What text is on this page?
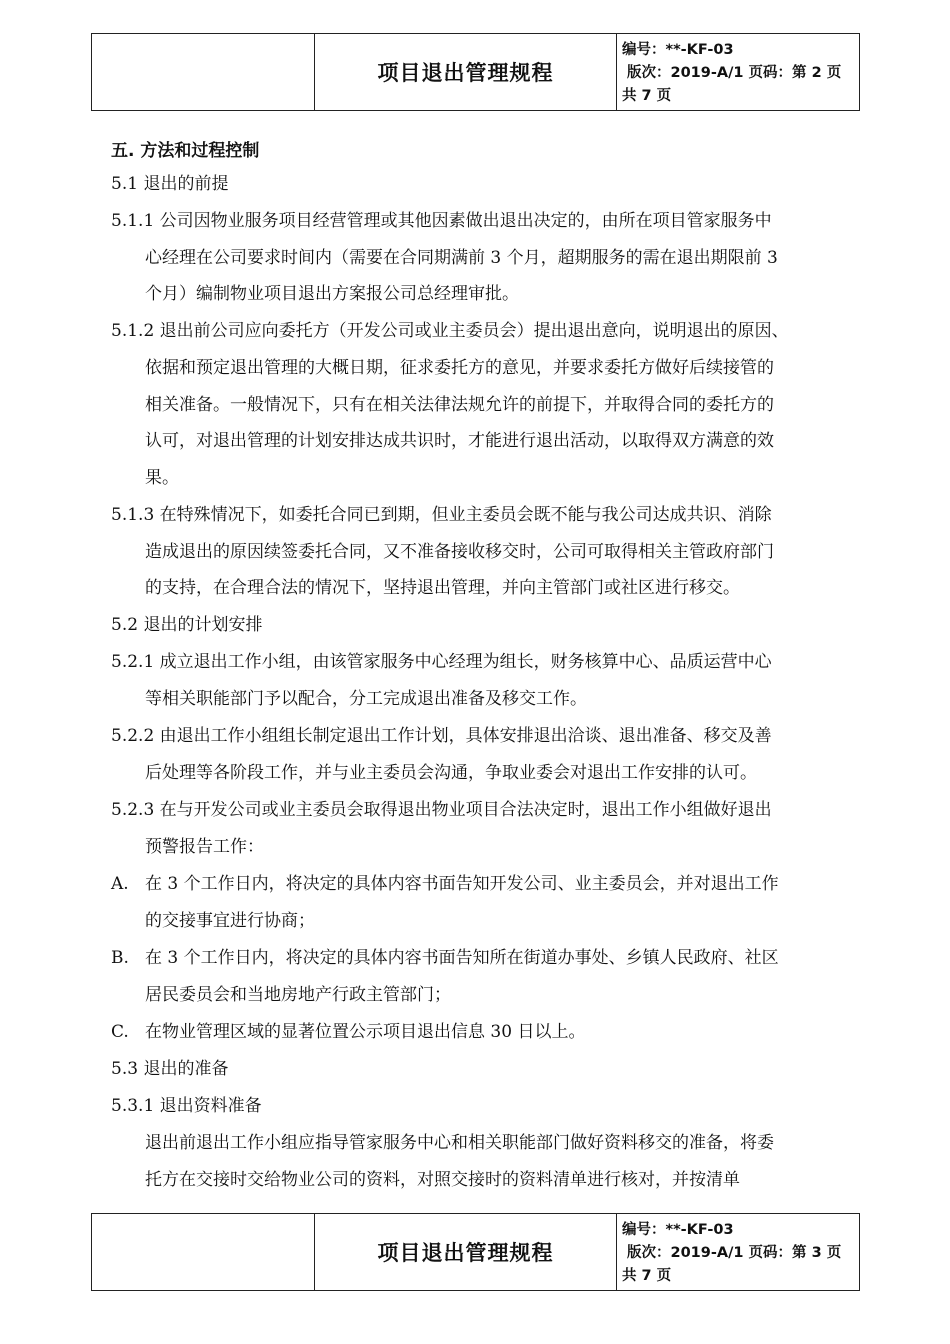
项目退出管理规程
编号：**-KF-03
版次：2019-A/1 页码：第 2 页
共 7 页
五. 方法和过程控制
5.1 退出的前提
5.1.1 公司因物业服务项目经营管理或其他因素做出退出决定的，由所在项目管家服务中
心经理在公司要求时间内（需要在合同期满前 3 个月，超期服务的需在退出期限前 3
个月）编制物业项目退出方案报公司总经理审批。
5.1.2 退出前公司应向委托方（开发公司或业主委员会）提出退出意向，说明退出的原因、
依据和预定退出管理的大概日期，征求委托方的意见，并要求委托方做好后续接管的
相关准备。一般情况下，只有在相关法律法规允许的前提下，并取得合同的委托方的
认可，对退出管理的计划安排达成共识时，才能进行退出活动，以取得双方满意的效
果。
5.1.3 在特殊情况下，如委托合同已到期，但业主委员会既不能与我公司达成共识、消除
造成退出的原因续签委托合同，又不准备接收移交时，公司可取得相关主管政府部门
的支持，在合理合法的情况下，坚持退出管理，并向主管部门或社区进行移交。
5.2 退出的计划安排
5.2.1 成立退出工作小组，由该管家服务中心经理为组长，财务核算中心、品质运营中心
等相关职能部门予以配合，分工完成退出准备及移交工作。
5.2.2 由退出工作小组组长制定退出工作计划，具体安排退出洽谈、退出准备、移交及善
后处理等各阶段工作，并与业主委员会沟通，争取业委会对退出工作安排的认可。
5.2.3 在与开发公司或业主委员会取得退出物业项目合法决定时，退出工作小组做好退出
预警报告工作：
A. 在 3 个工作日内，将决定的具体内容书面告知开发公司、业主委员会，并对退出工作
的交接事宜进行协商；
B. 在 3 个工作日内，将决定的具体内容书面告知所在街道办事处、乡镇人民政府、社区
居民委员会和当地房地产行政主管部门；
C. 在物业管理区域的显著位置公示项目退出信息 30 日以上。
5.3 退出的准备
5.3.1 退出资料准备
退出前退出工作小组应指导管家服务中心和相关职能部门做好资料移交的准备，将委
托方在交接时交给物业公司的资料，对照交接时的资料清单进行核对，并按清单
项目退出管理规程
编号：**-KF-03
版次：2019-A/1 页码：第 3 页
共 7 页
